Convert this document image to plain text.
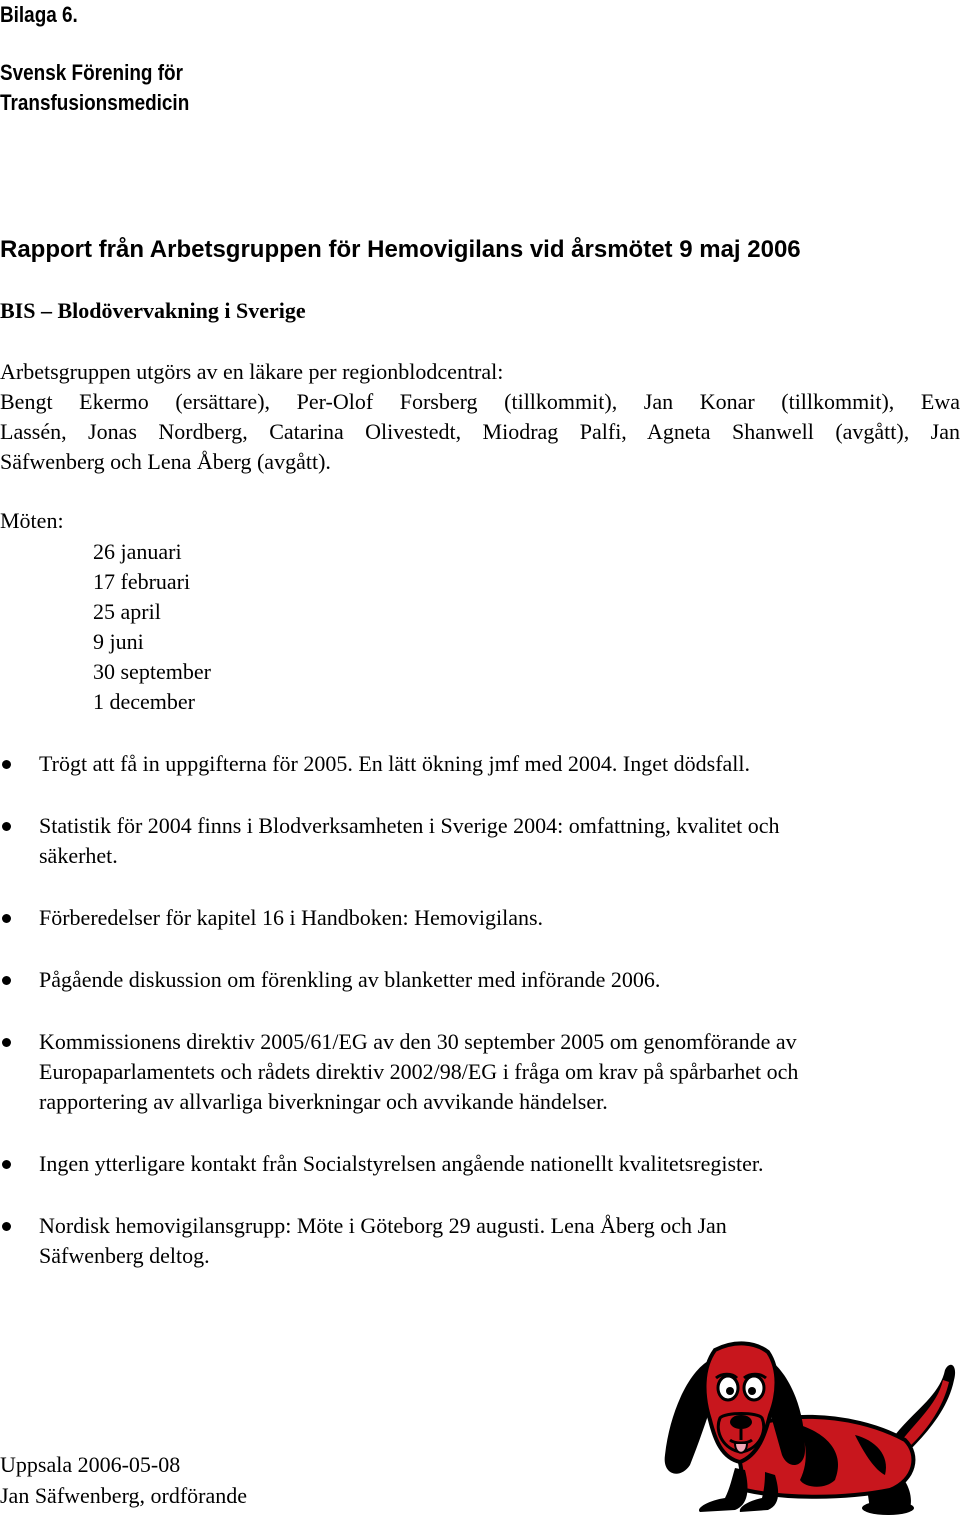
Bilaga 6.
Svensk Förening för
Transfusionsmedicin
Rapport från Arbetsgruppen för Hemovigilans vid årsmötet 9 maj 2006
BIS – Blodövervakning i Sverige

Arbetsgruppen utgörs av en läkare per regionblodcentral:

Bengt Ekermo (ersättare), Per-Olof Forsberg (tillkommit), Jan Konar (tillkommit), Ewa

Lassén, Jonas Nordberg, Catarina Olivestedt, Miodrag Palfi, Agneta Shanwell (avgått), Jan

Säfwenberg och Lena Åberg (avgått).

Möten:
26 januari
17 februari
25 april
9 juni
30 september
1 december
Trögt att få in uppgifterna för 2005. En lätt ökning jmf med 2004. Inget dödsfall.
Statistik för 2004 finns i Blodverksamheten i Sverige 2004: omfattning, kvalitet och
säkerhet.
Förberedelser för kapitel 16 i Handboken: Hemovigilans.
Pågående diskussion om förenkling av blanketter med införande 2006.
Kommissionens direktiv 2005/61/EG av den 30 september 2005 om genomförande av
Europaparlamentets och rådets direktiv 2002/98/EG i fråga om krav på spårbarhet och
rapportering av allvarliga biverkningar och avvikande händelser.
Ingen ytterligare kontakt från Socialstyrelsen angående nationellt kvalitetsregister.
Nordisk hemovigilansgrupp: Möte i Göteborg 29 augusti. Lena Åberg och Jan
Säfwenberg deltog.
Uppsala 2006-05-08
Jan Säfwenberg, ordförande
